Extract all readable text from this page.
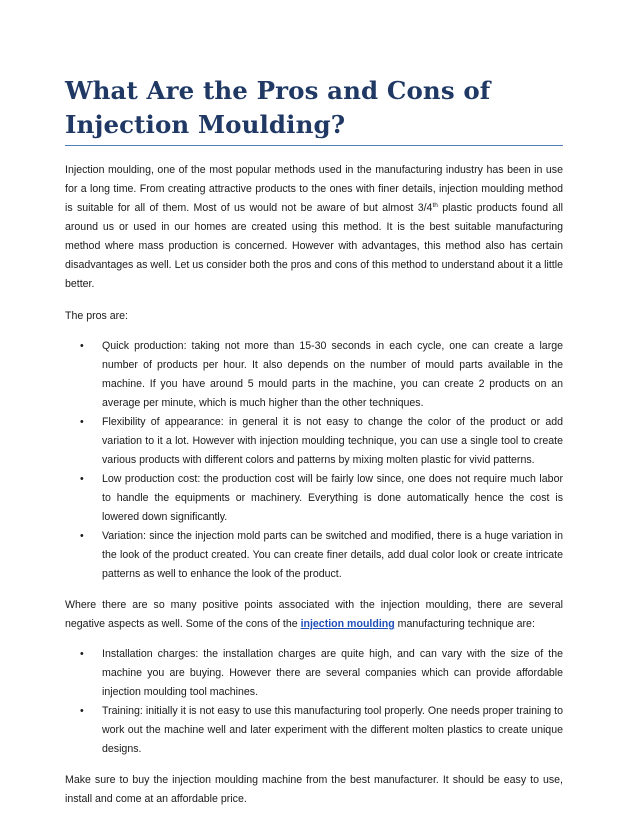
What Are the Pros and Cons of Injection Moulding?

Injection moulding, one of the most popular methods used in the manufacturing industry has been in use for a long time. From creating attractive products to the ones with finer details, injection moulding method is suitable for all of them. Most of us would not be aware of but almost 3/4th plastic products found all around us or used in our homes are created using this method. It is the best suitable manufacturing method where mass production is concerned. However with advantages, this method also has certain disadvantages as well. Let us consider both the pros and cons of this method to understand about it a little better.

The pros are:

• Quick production: taking not more than 15-30 seconds in each cycle, one can create a large number of products per hour. It also depends on the number of mould parts available in the machine. If you have around 5 mould parts in the machine, you can create 2 products on an average per minute, which is much higher than the other techniques.
• Flexibility of appearance: in general it is not easy to change the color of the product or add variation to it a lot. However with injection moulding technique, you can use a single tool to create various products with different colors and patterns by mixing molten plastic for vivid patterns.
• Low production cost: the production cost will be fairly low since, one does not require much labor to handle the equipments or machinery. Everything is done automatically hence the cost is lowered down significantly.
• Variation: since the injection mold parts can be switched and modified, there is a huge variation in the look of the product created. You can create finer details, add dual color look or create intricate patterns as well to enhance the look of the product.

Where there are so many positive points associated with the injection moulding, there are several negative aspects as well. Some of the cons of the injection moulding manufacturing technique are:

• Installation charges: the installation charges are quite high, and can vary with the size of the machine you are buying. However there are several companies which can provide affordable injection moulding tool machines.
• Training: initially it is not easy to use this manufacturing tool properly. One needs proper training to work out the machine well and later experiment with the different molten plastics to create unique designs.

Make sure to buy the injection moulding machine from the best manufacturer. It should be easy to use, install and come at an affordable price.
